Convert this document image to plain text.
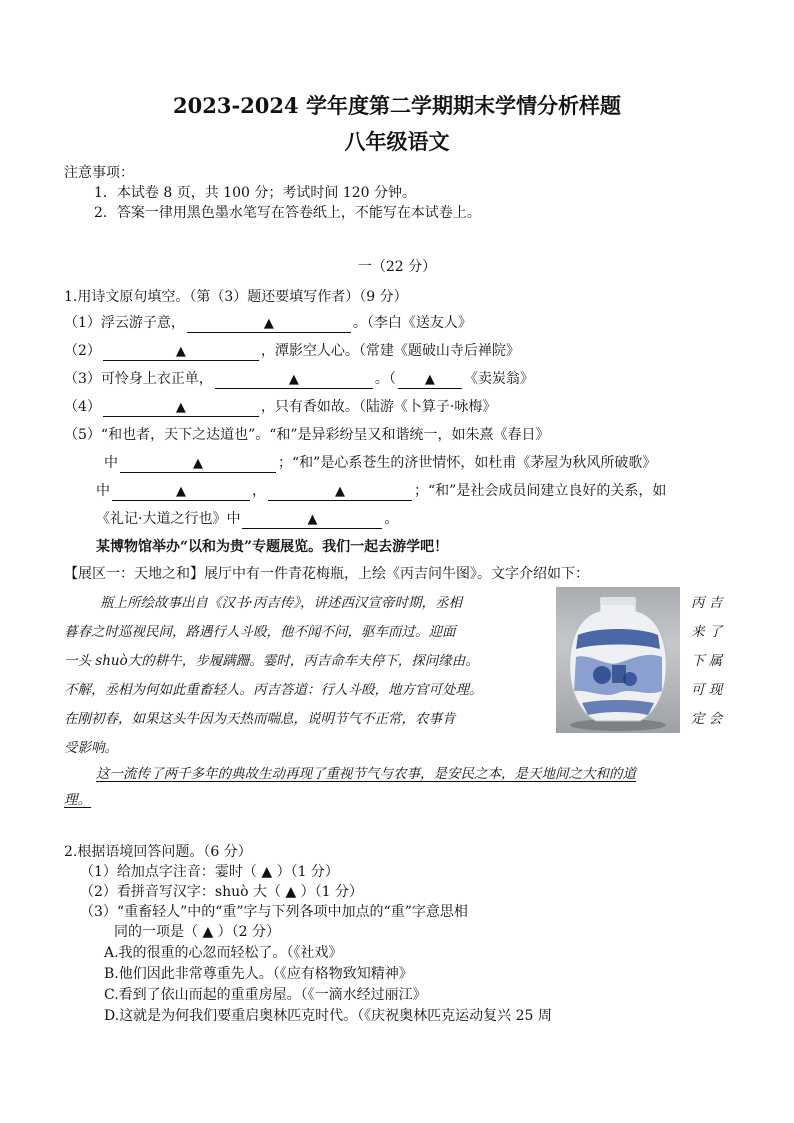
2023-2024 学年度第二学期期末学情分析样题
八年级语文
注意事项：
1．本试卷 8 页，共 100 分；考试时间 120 分钟。
2．答案一律用黑色墨水笔写在答卷纸上，不能写在本试卷上。
一（22 分）
1.用诗文原句填空。（第（3）题还要填写作者）（9 分）
（1）浮云游子意，	▲	。（李白《送友人》
（2）	▲	，潭影空人心。（常建《题破山寺后禅院》
（3）可怜身上衣正单，	▲	。（ ▲ 《卖炭翁》
（4）	▲	，只有香如故。（陆游《卜算子·咏梅》
（5）“和也者，天下之达道也”。“和”是异彩纷呈又和谐统一，如朱熹《春日》
中	▲	；“和”是心系苍生的济世情怀，如杜甫《茅屋为秋风所破歌》
中	▲	，	▲	；“和”是社会成员间建立良好的关系，如
《礼记·大道之行也》中	▲	。
某博物馆举办“以和为贵”专题展览。我们一起去游学吧！
【展区一：天地之和】展厅中有一件青花梅瓶，上绘《丙吉问牛图》。文字介绍如下：
瓶上所绘故事出自《汉书·丙吉传》，讲述西汉宣帝时期，丞相	丙 吉
暮春之时巡视民间，路遇行人斗殴，他不闻不问，驱车而过。迎面	来 了
一头 shuò大的耕牛，步履蹒跚。霎时，丙吉命车夫停下，探问缘由。	下 属
不解，丞相为何如此重畜轻人。丙吉答道：行人斗殴，地方官可处理。	可 现
在刚初春，如果这头牛因为天热而喘息，说明节气不正常，农事肯	定 会
受影响。
这一流传了两千多年的典故生动再现了重视节气与农事，是安民之本，是天地间之大和的道
理。
2.根据语境回答问题。（6 分）
（1）给加点字注音：霎时（ ▲ ）（1 分）
（2）看拼音写汉字：shuò 大（ ▲ ）（1 分）
（3）“重畜轻人”中的“重”字与下列各项中加点的“重”字意思相
同的一项是（ ▲ ）（2 分）
A.我的很重的心忽而轻松了。（《社戏》
B.他们因此非常尊重先人。（《应有格物致知精神》
C.看到了依山而起的重重房屋。（《一滴水经过丽江》
D.这就是为何我们要重启奥林匹克时代。（《庆祝奥林匹克运动复兴 25 周
